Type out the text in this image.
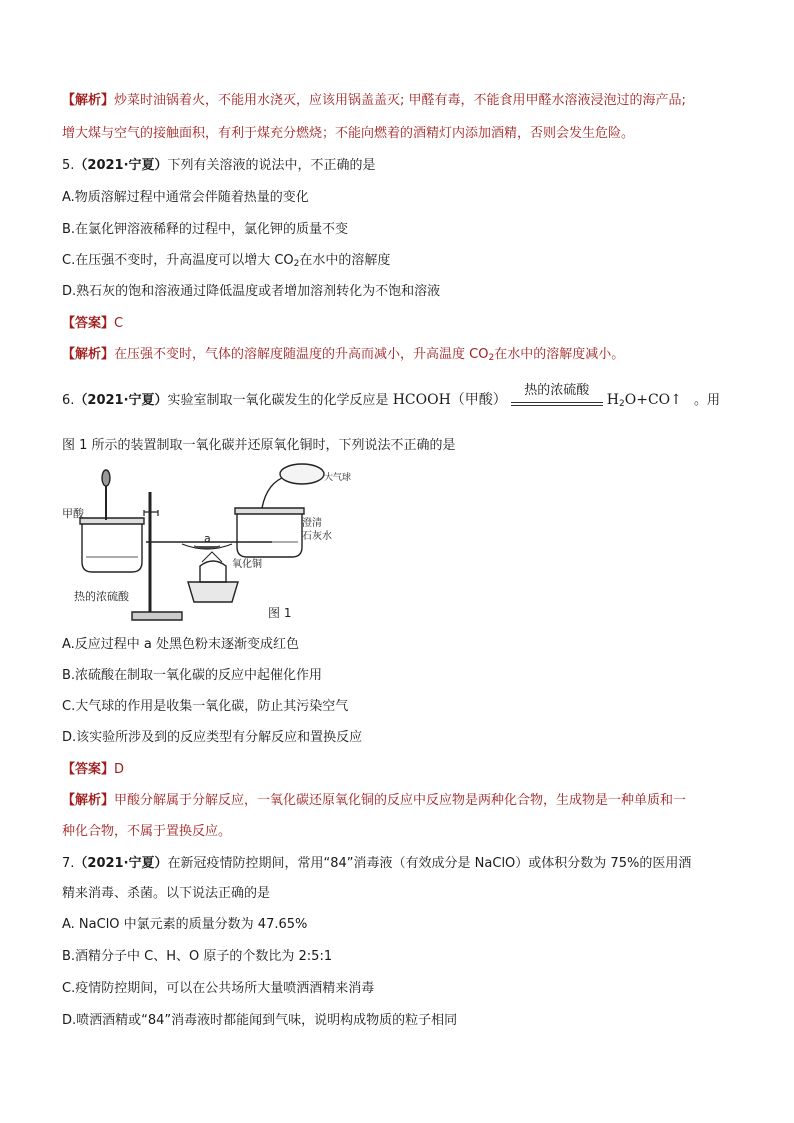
【解析】炒菜时油锅着火，不能用水浇灭，应该用锅盖盖灭; 甲醛有毒，不能食用甲醛水溶液浸泡过的海产品;
增大煤与空气的接触面积，有利于煤充分燃烧；不能向燃着的酒精灯内添加酒精，否则会发生危险。
5.（2021·宁夏）下列有关溶液的说法中，不正确的是
A.物质溶解过程中通常会伴随着热量的变化
B.在氯化钾溶液稀释的过程中，氯化钾的质量不变
C.在压强不变时，升高温度可以增大 $CO_2$在水中的溶解度
D.熟石灰的饱和溶液通过降低温度或者增加溶剂转化为不饱和溶液
【答案】C
【解析】在压强不变时，气体的溶解度随温度的升高而减小，升高温度 $CO_2$在水中的溶解度减小。
6.（2021·宁夏）实验室制取一氧化碳发生的化学反应是 HCOOH（甲酸）
热的浓硫酸
$H_2O+CO↑$ 。用
图 1 所示的装置制取一氧化碳并还原氧化铜时，下列说法不正确的是
甲酸
热的浓硫酸
大气球
澄清
石灰水
a
氧化铜
图 1
A.反应过程中 a 处黑色粉末逐渐变成红色
B.浓硫酸在制取一氧化碳的反应中起催化作用
C.大气球的作用是收集一氧化碳，防止其污染空气
D.该实验所涉及到的反应类型有分解反应和置换反应
【答案】D
【解析】甲酸分解属于分解反应，一氧化碳还原氧化铜的反应中反应物是两种化合物，生成物是一种单质和一
种化合物，不属于置换反应。
7.（2021·宁夏）在新冠疫情防控期间，常用“84”消毒液（有效成分是 NaClO）或体积分数为 75%的医用酒
精来消毒、杀菌。以下说法正确的是
A. NaClO 中氯元素的质量分数为 47.65%
B.酒精分子中 C、H、O 原子的个数比为 2:5:1
C.疫情防控期间，可以在公共场所大量喷洒酒精来消毒
D.喷洒酒精或“84”消毒液时都能闻到气味，说明构成物质的粒子相同
